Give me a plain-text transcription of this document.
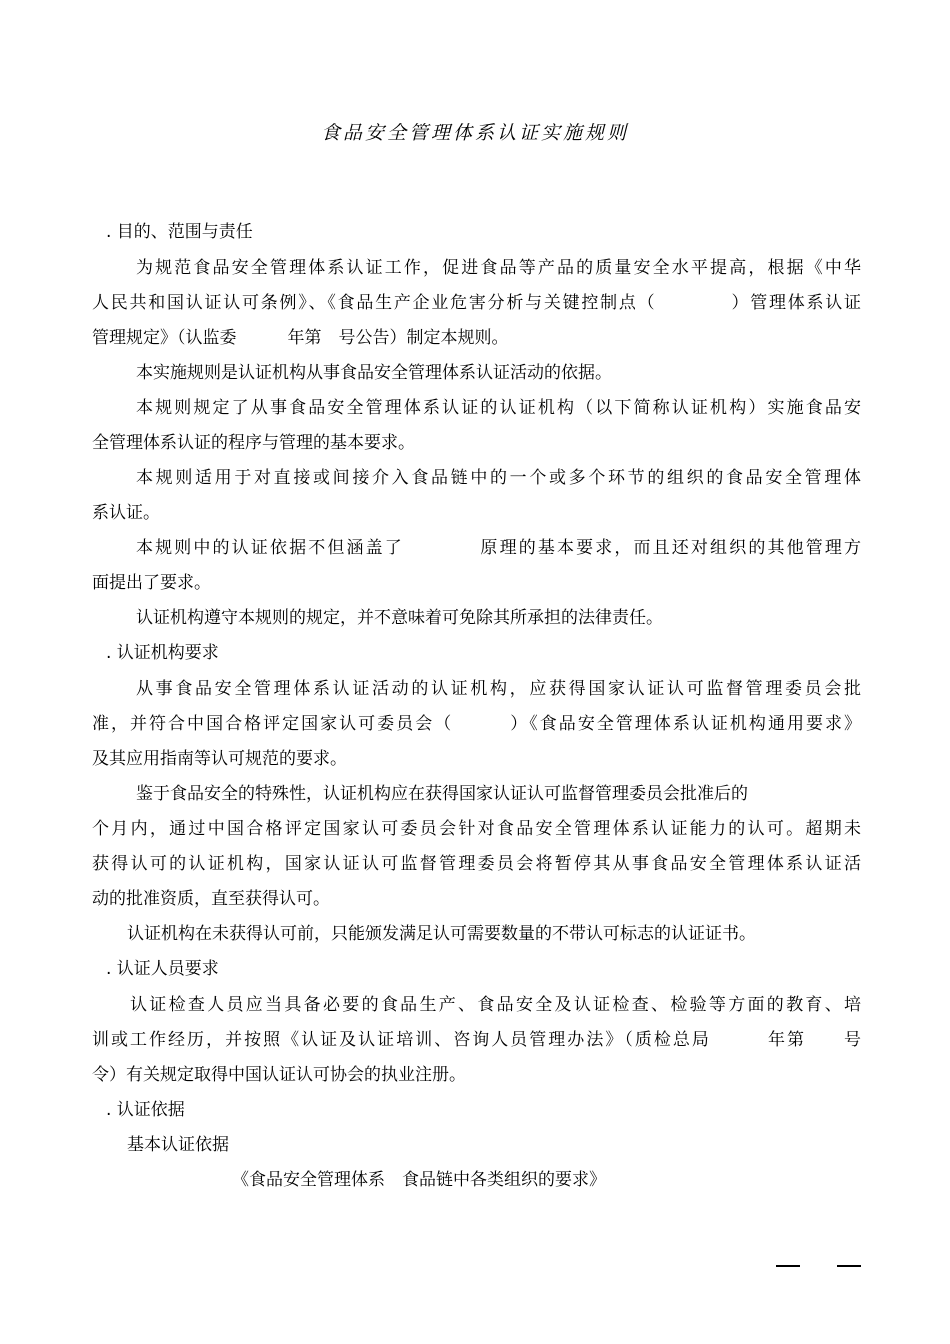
食品安全管理体系认证实施规则
. 目的、范围与责任
为规范食品安全管理体系认证工作，促进食品等产品的质量安全水平提高，根据《中华
人民共和国认证认可条例》、《食品生产企业危害分析与关键控制点（　　　　）管理体系认证
管理规定》（认监委　　　年第　号公告）制定本规则。
本实施规则是认证机构从事食品安全管理体系认证活动的依据。
本规则规定了从事食品安全管理体系认证的认证机构（以下简称认证机构）实施食品安
全管理体系认证的程序与管理的基本要求。
本规则适用于对直接或间接介入食品链中的一个或多个环节的组织的食品安全管理体
系认证。
本规则中的认证依据不但涵盖了　　　　原理的基本要求，而且还对组织的其他管理方
面提出了要求。
认证机构遵守本规则的规定，并不意味着可免除其所承担的法律责任。
. 认证机构要求
从事食品安全管理体系认证活动的认证机构，应获得国家认证认可监督管理委员会批
准，并符合中国合格评定国家认可委员会（　　　）《食品安全管理体系认证机构通用要求》
及其应用指南等认可规范的要求。
鉴于食品安全的特殊性，认证机构应在获得国家认证认可监督管理委员会批准后的
个月内，通过中国合格评定国家认可委员会针对食品安全管理体系认证能力的认可。超期未
获得认可的认证机构，国家认证认可监督管理委员会将暂停其从事食品安全管理体系认证活
动的批准资质，直至获得认可。
认证机构在未获得认可前，只能颁发满足认可需要数量的不带认可标志的认证证书。
. 认证人员要求
认证检查人员应当具备必要的食品生产、食品安全及认证检查、检验等方面的教育、培
训或工作经历，并按照《认证及认证培训、咨询人员管理办法》（质检总局　　　年第　　号
令）有关规定取得中国认证认可协会的执业注册。
. 认证依据
基本认证依据
《食品安全管理体系　食品链中各类组织的要求》
